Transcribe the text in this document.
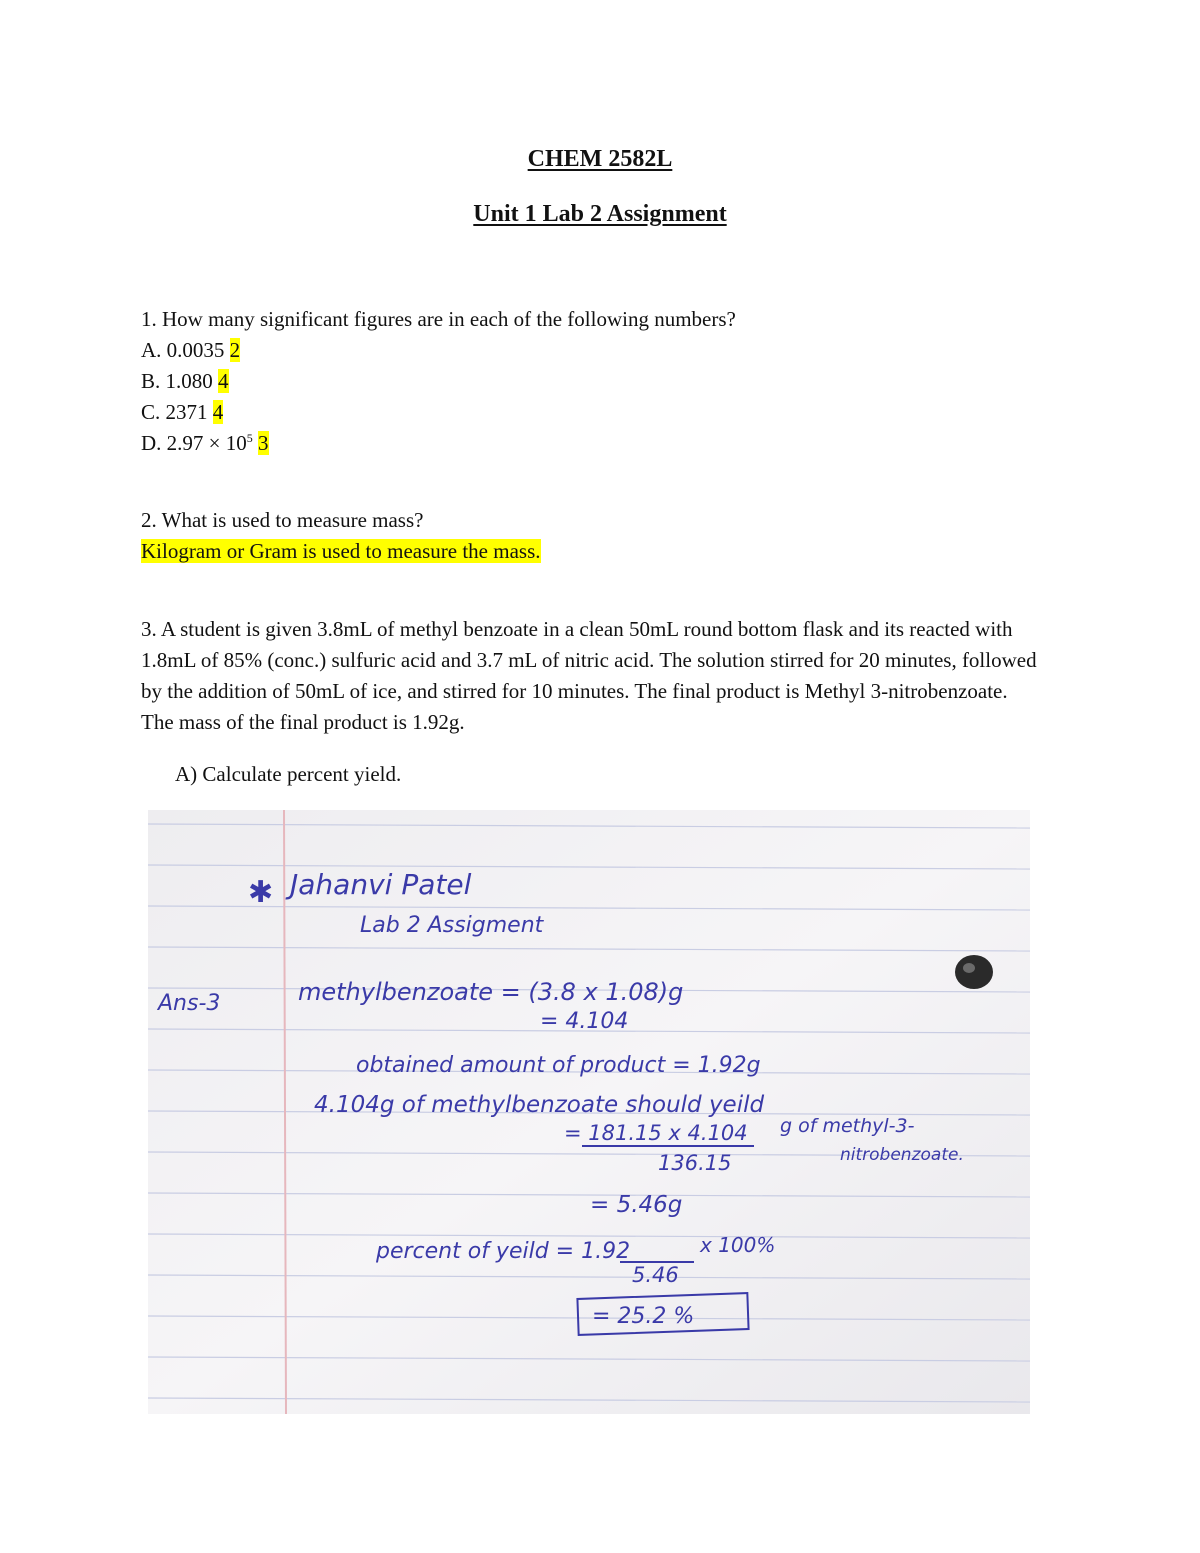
CHEM 2582L
Unit 1 Lab 2 Assignment
1. How many significant figures are in each of the following numbers?
A. 0.0035 2
B. 1.080 4
C. 2371 4
D. $2.97 \times 10^5$ 3
2. What is used to measure mass?
Kilogram or Gram is used to measure the mass.
3. A student is given 3.8mL of methyl benzoate in a clean 50mL round bottom flask and its reacted with 1.8mL of 85% (conc.) sulfuric acid and 3.7 mL of nitric acid. The solution stirred for 20 minutes, followed by the addition of 50mL of ice, and stirred for 10 minutes. The final product is Methyl 3-nitrobenzoate. The mass of the final product is 1.92g.
A) Calculate percent yield.
✱ Jahanvi Patel
Lab 2 Assigment
Ans-3	methylbenzoate = (3.8 x 1.08)g
= 4.104
obtained amount of product = 1.92g
4.104g of methylbenzoate should yeild
= 181.15 x 4.104 g of methyl-3-
136.15	nitrobenzoate.
= 5.46g
percent of yeild = 1.92	x 100%
5.46
= 25.2 %
